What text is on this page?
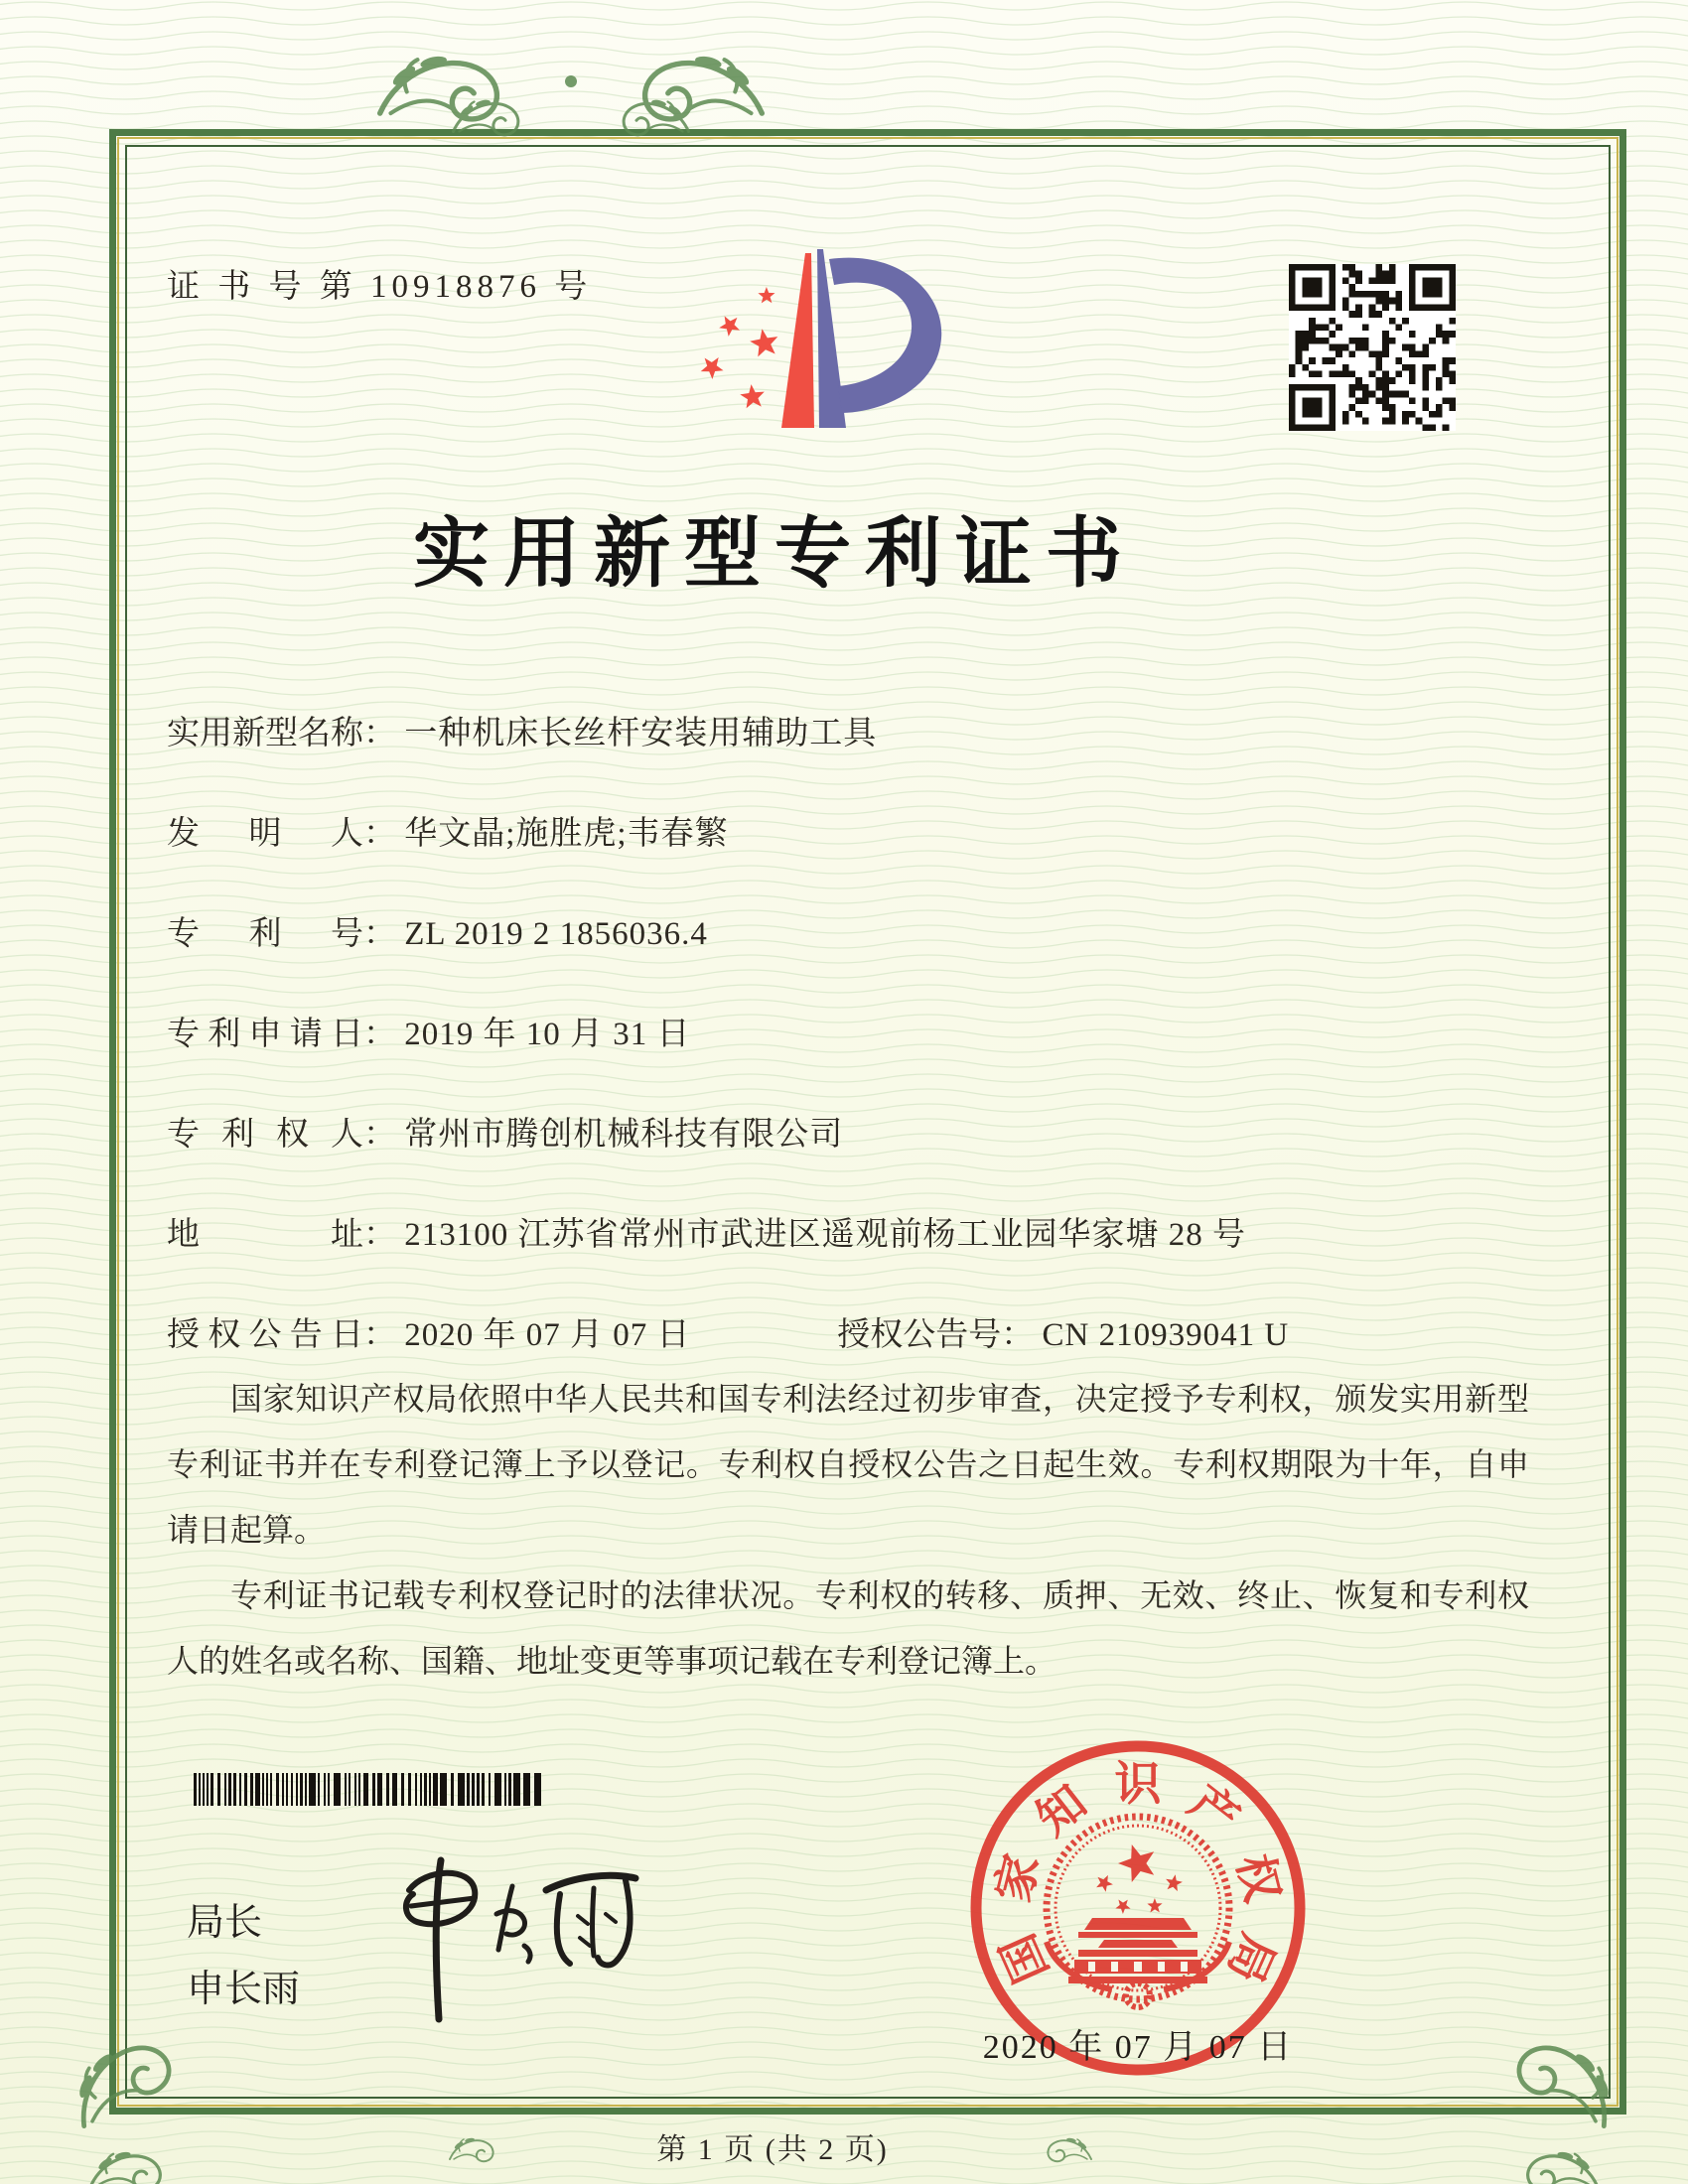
证 书 号 第 10918876 号
实用新型专利证书
实用新型名称： 一种机床长丝杆安装用辅助工具
发明人： 华文晶;施胜虎;韦春繁
专利号： ZL 2019 2 1856036.4
专利申请日： 2019 年 10 月 31 日
专利权人： 常州市腾创机械科技有限公司
地址： 213100 江苏省常州市武进区遥观前杨工业园华家塘 28 号
授权公告日： 2020 年 07 月 07 日	授权公告号： CN 210939041 U

国家知识产权局依照中华人民共和国专利法经过初步审查，决定授予专利权，颁发实用新型专利证书并在专利登记簿上予以登记。专利权自授权公告之日起生效。专利权期限为十年，自申请日起算。

专利证书记载专利权登记时的法律状况。专利权的转移、质押、无效、终止、恢复和专利权人的姓名或名称、国籍、地址变更等事项记载在专利登记簿上。

局长
申长雨	国
家
知 识 产
权
局
2020 年 07 月 07 日
第 1 页 (共 2 页)
